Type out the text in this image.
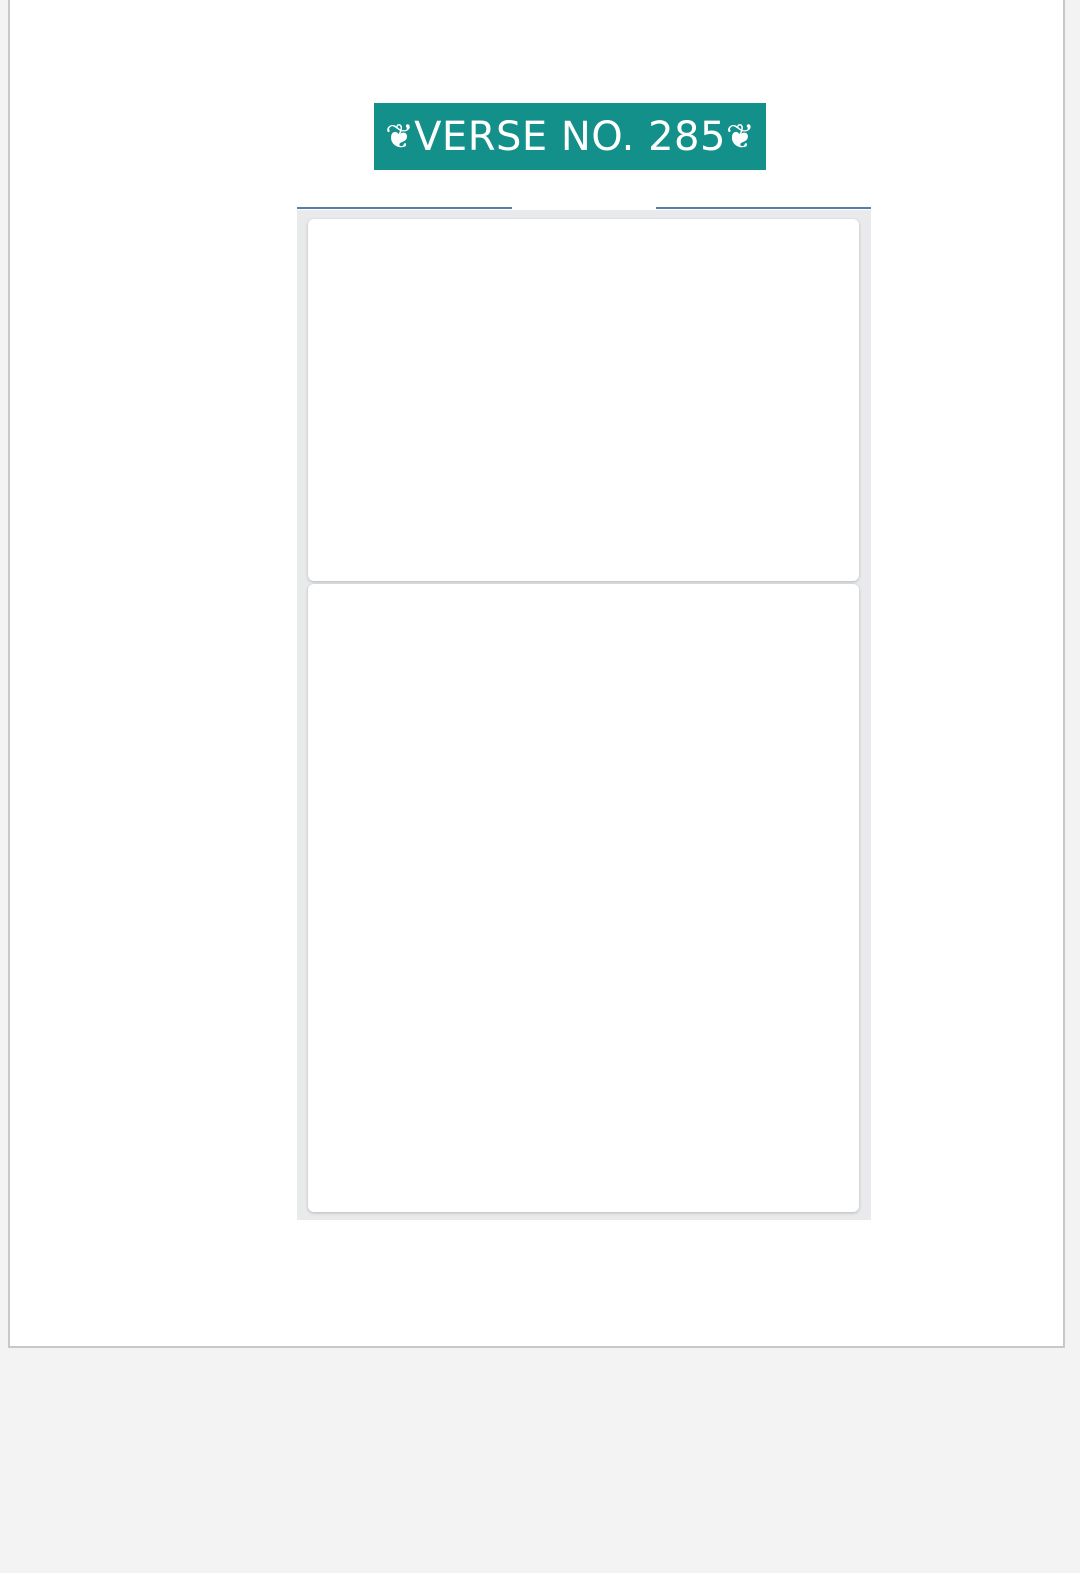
❦ VERSE NO. 285 ❦
